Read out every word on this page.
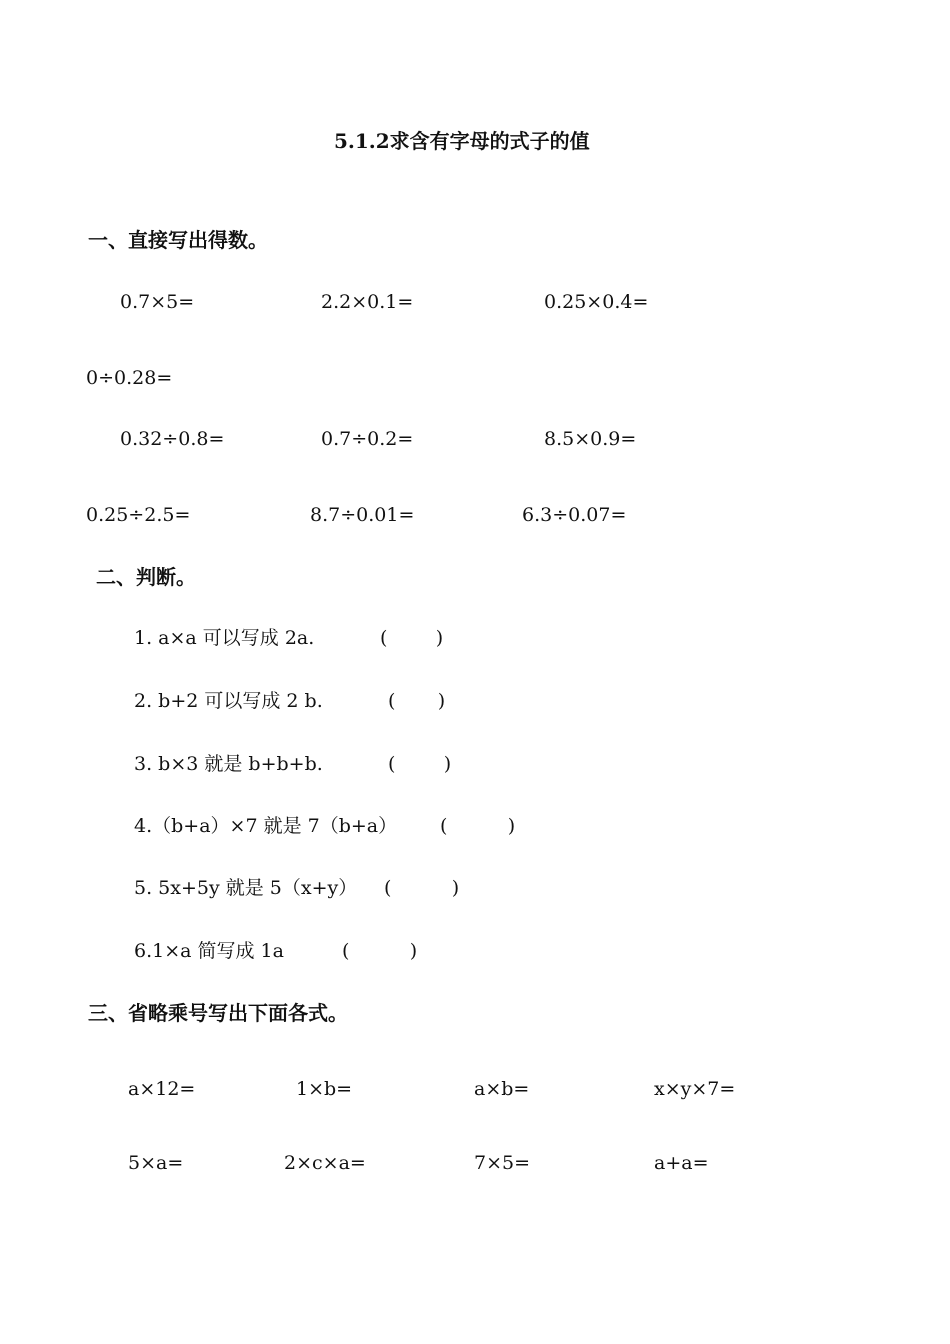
5.1.2求含有字母的式子的值
一、直接写出得数。
0.7×5=	2.2×0.1=	0.25×0.4=
0÷0.28=
0.32÷0.8=	0.7÷0.2=	8.5×0.9=
0.25÷2.5=	8.7÷0.01=	6.3÷0.07=
二、判断。
1. a×a 可以写成 2a.	(        )
2. b+2 可以写成 2 b.	(       )
3. b×3 就是 b+b+b.	(        )
4.（b+a）×7 就是 7（b+a） (          )
5. 5x+5y 就是 5（x+y） (          )
6.1×a 简写成 1a	(          )
三、省略乘号写出下面各式。
a×12=	1×b=	a×b=	x×y×7=
5×a=	2×c×a=	7×5=	a+a=
